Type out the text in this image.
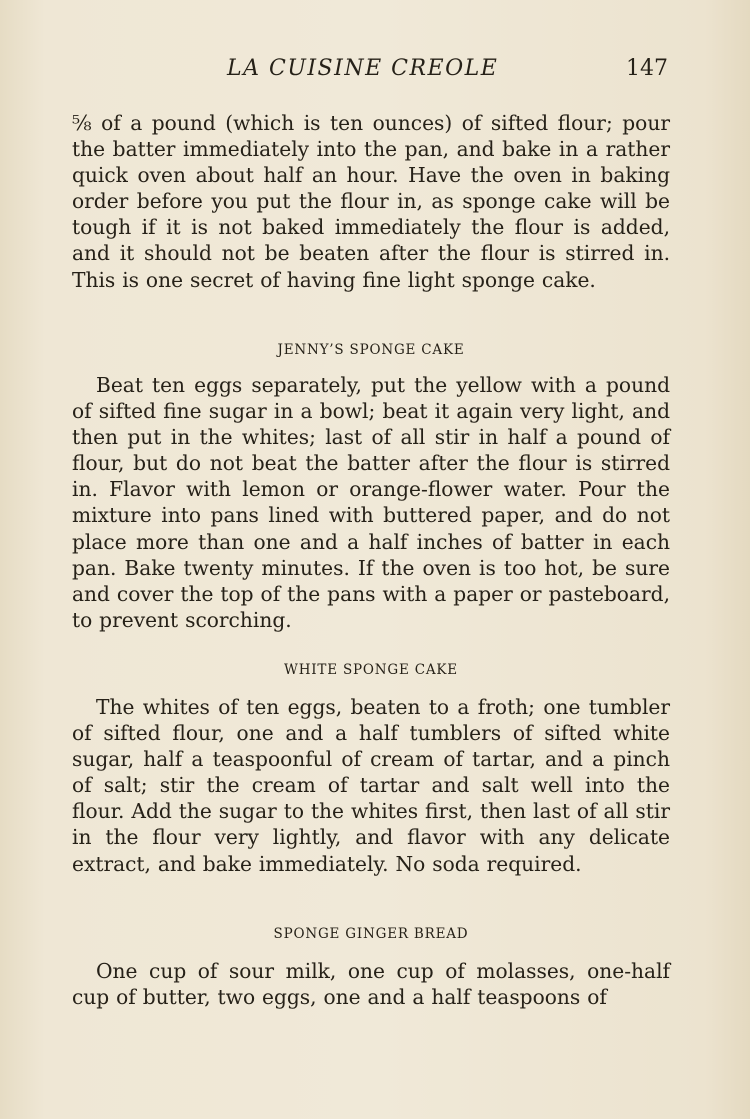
LA CUISINE CREOLE	147

⅝ of a pound (which is ten ounces) of sifted flour; pour the batter immediately into the pan, and bake in a rather quick oven about half an hour. Have the oven in baking order before you put the flour in, as sponge cake will be tough if it is not baked immediately the flour is added, and it should not be beaten after the flour is stirred in. This is one secret of having fine light sponge cake.

JENNY’S SPONGE CAKE

Beat ten eggs separately, put the yellow with a pound of sifted fine sugar in a bowl; beat it again very light, and then put in the whites; last of all stir in half a pound of flour, but do not beat the batter after the flour is stirred in. Flavor with lemon or orange-flower water. Pour the mixture into pans lined with buttered paper, and do not place more than one and a half inches of batter in each pan. Bake twenty minutes. If the oven is too hot, be sure and cover the top of the pans with a paper or pasteboard, to prevent scorching.

WHITE SPONGE CAKE

The whites of ten eggs, beaten to a froth; one tumbler of sifted flour, one and a half tumblers of sifted white sugar, half a teaspoonful of cream of tartar, and a pinch of salt; stir the cream of tartar and salt well into the flour. Add the sugar to the whites first, then last of all stir in the flour very lightly, and flavor with any delicate extract, and bake immediately. No soda required.

SPONGE GINGER BREAD

One cup of sour milk, one cup of molasses, one-half cup of butter, two eggs, one and a half teaspoons of
